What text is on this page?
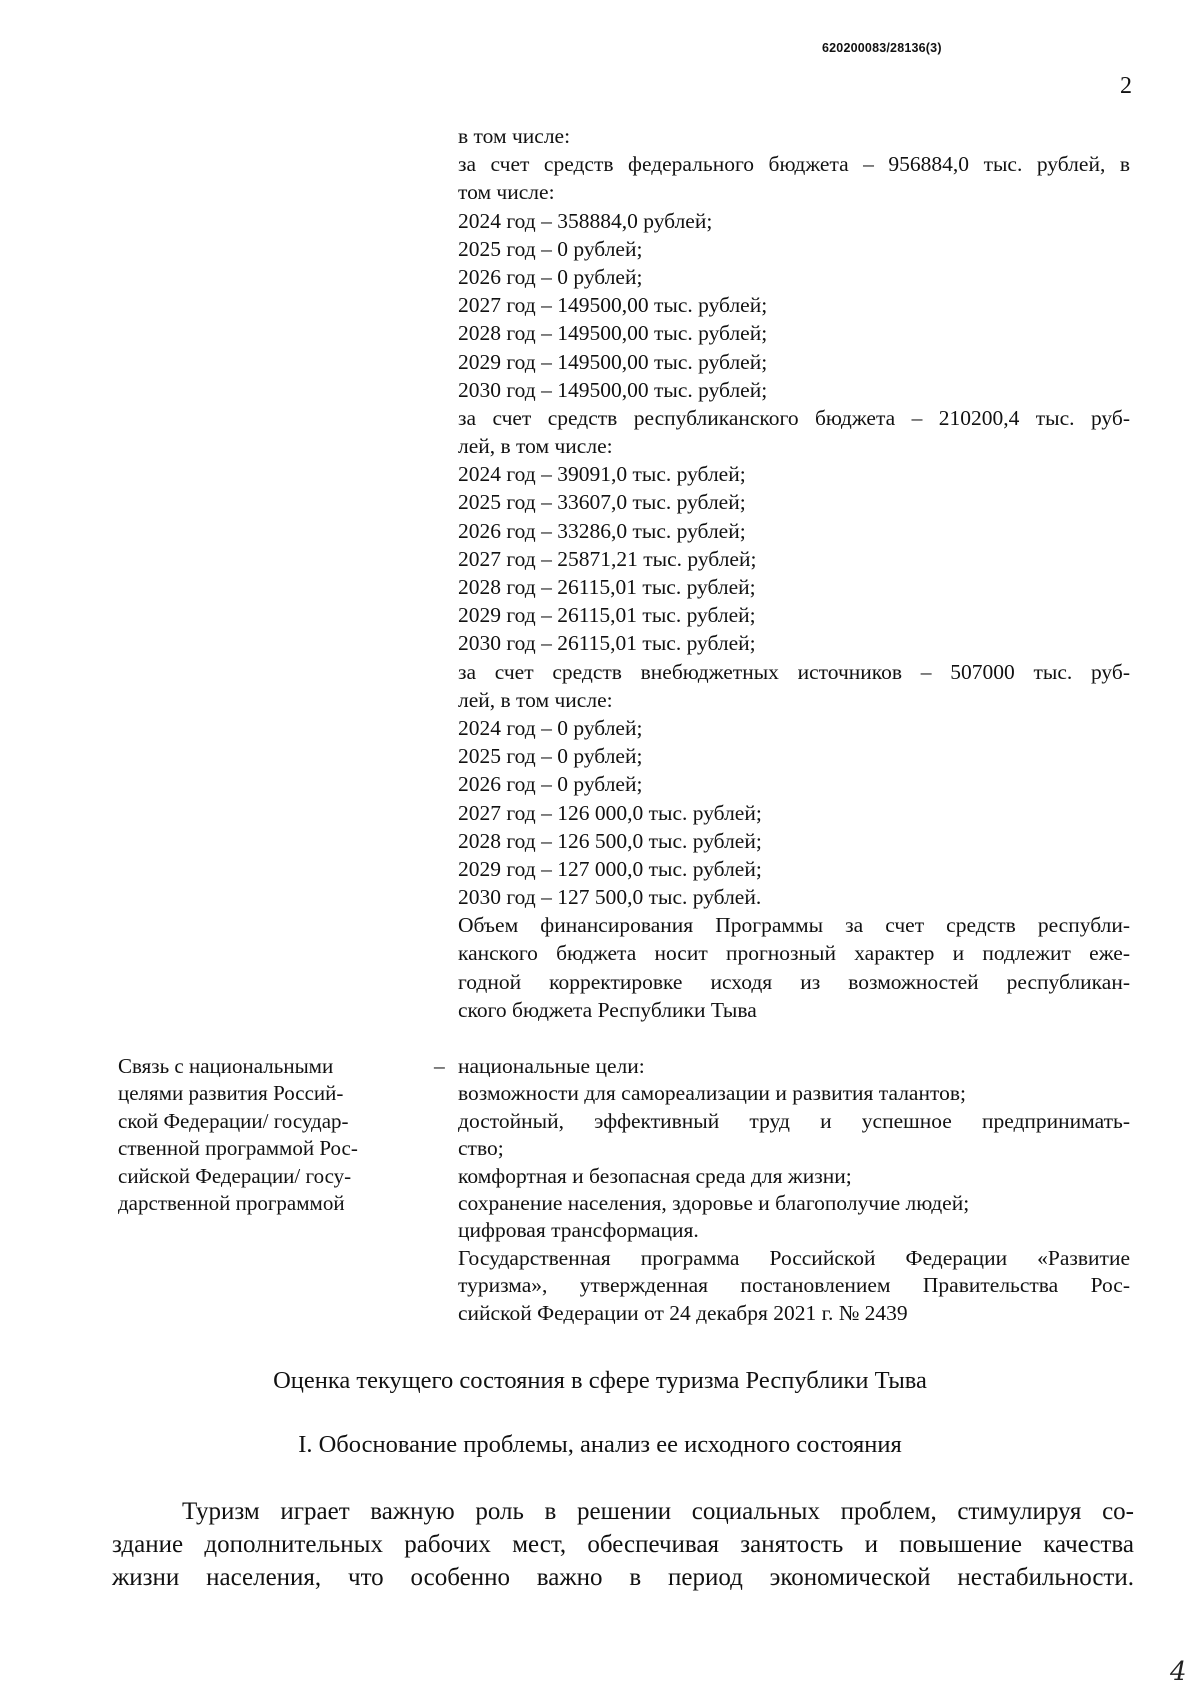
620200083/28136(3)
2
в том числе:
за счет средств федерального бюджета – 956884,0 тыс. рублей, в
том числе:
2024 год – 358884,0 рублей;
2025 год – 0 рублей;
2026 год – 0 рублей;
2027 год – 149500,00 тыс. рублей;
2028 год – 149500,00 тыс. рублей;
2029 год – 149500,00 тыс. рублей;
2030 год – 149500,00 тыс. рублей;
за счет средств республиканского бюджета – 210200,4 тыс. руб-
лей, в том числе:
2024 год – 39091,0 тыс. рублей;
2025 год – 33607,0 тыс. рублей;
2026 год – 33286,0 тыс. рублей;
2027 год – 25871,21 тыс. рублей;
2028 год – 26115,01 тыс. рублей;
2029 год – 26115,01 тыс. рублей;
2030 год – 26115,01 тыс. рублей;
за счет средств внебюджетных источников – 507000 тыс. руб-
лей, в том числе:
2024 год – 0 рублей;
2025 год – 0 рублей;
2026 год – 0 рублей;
2027 год – 126 000,0 тыс. рублей;
2028 год – 126 500,0 тыс. рублей;
2029 год – 127 000,0 тыс. рублей;
2030 год – 127 500,0 тыс. рублей.
Объем финансирования Программы за счет средств республи-
канского бюджета носит прогнозный характер и подлежит еже-
годной корректировке исходя из возможностей республикан-
ского бюджета Республики Тыва
Связь с национальными
целями развития Россий-
ской Федерации/ государ-
ственной программой Рос-
сийской Федерации/ госу-
дарственной программой
– национальные цели:
возможности для самореализации и развития талантов;
достойный, эффективный труд и успешное предпринимать-
ство;
комфортная и безопасная среда для жизни;
сохранение населения, здоровье и благополучие людей;
цифровая трансформация.
Государственная программа Российской Федерации «Развитие
туризма», утвержденная постановлением Правительства Рос-
сийской Федерации от 24 декабря 2021 г. № 2439
Оценка текущего состояния в сфере туризма Республики Тыва
I. Обоснование проблемы, анализ ее исходного состояния
Туризм играет важную роль в решении социальных проблем, стимулируя со-
здание дополнительных рабочих мест, обеспечивая занятость и повышение качества
жизни населения, что особенно важно в период экономической нестабильности.
4
